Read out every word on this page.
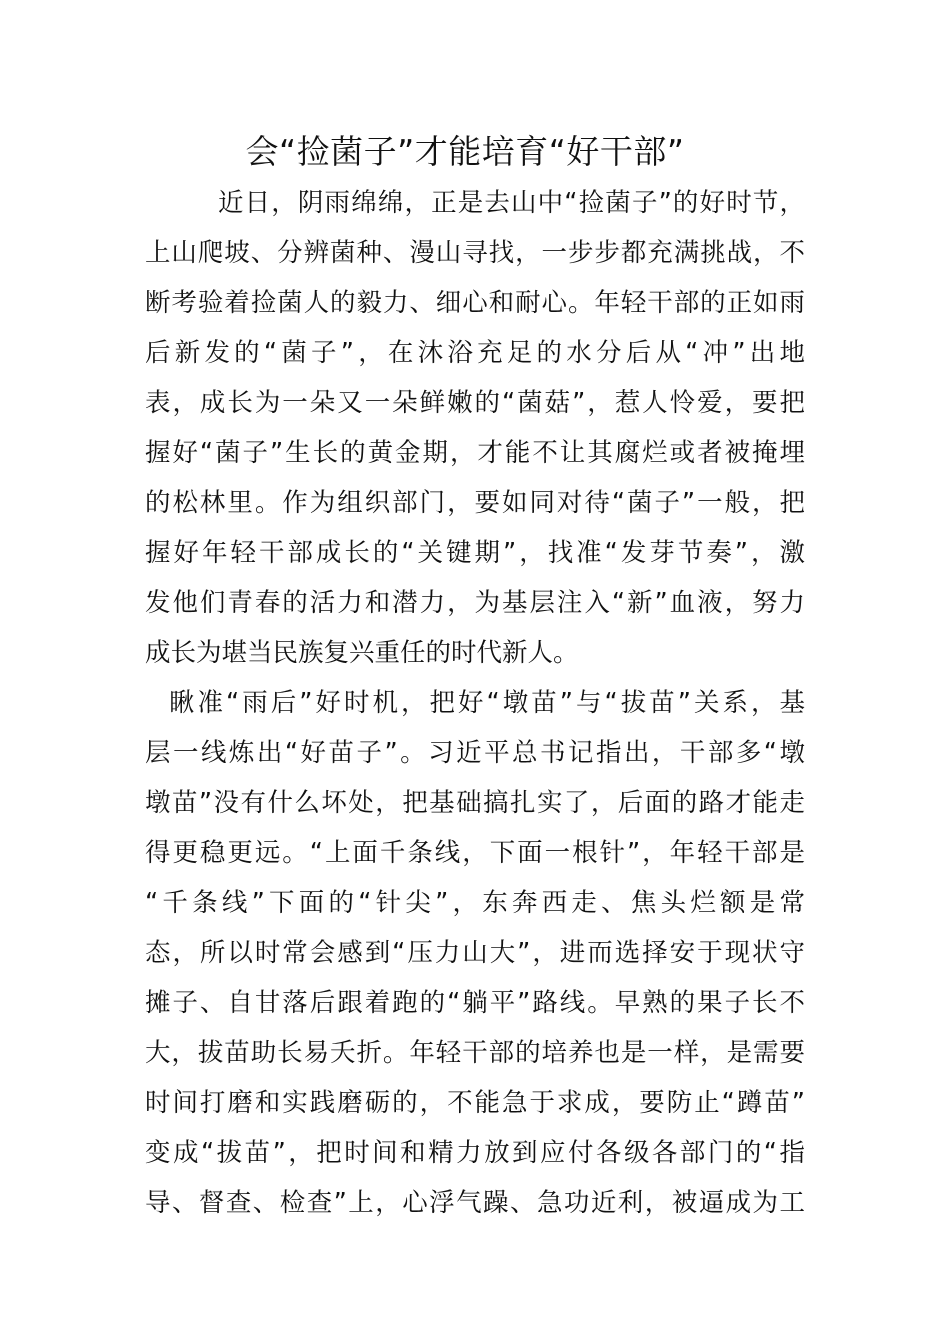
会“捡菌子”才能培育“好干部”
近日，阴雨绵绵，正是去山中“捡菌子”的好时节，
上山爬坡、分辨菌种、漫山寻找，一步步都充满挑战，不
断考验着捡菌人的毅力、细心和耐心。年轻干部的正如雨
后新发的“菌子”，在沐浴充足的水分后从“冲”出地
表，成长为一朵又一朵鲜嫩的“菌菇”，惹人怜爱，要把
握好“菌子”生长的黄金期，才能不让其腐烂或者被掩埋
的松林里。作为组织部门，要如同对待“菌子”一般，把
握好年轻干部成长的“关键期”，找准“发芽节奏”，激
发他们青春的活力和潜力，为基层注入“新”血液，努力
成长为堪当民族复兴重任的时代新人。
瞅准“雨后”好时机，把好“墩苗”与“拔苗”关系，基
层一线炼出“好苗子”。习近平总书记指出，干部多“墩
墩苗”没有什么坏处，把基础搞扎实了，后面的路才能走
得更稳更远。“上面千条线，下面一根针”，年轻干部是
“千条线”下面的“针尖”，东奔西走、焦头烂额是常
态，所以时常会感到“压力山大”，进而选择安于现状守
摊子、自甘落后跟着跑的“躺平”路线。早熟的果子长不
大，拔苗助长易夭折。年轻干部的培养也是一样，是需要
时间打磨和实践磨砺的，不能急于求成，要防止“蹲苗”
变成“拔苗”，把时间和精力放到应付各级各部门的“指
导、督查、检查”上，心浮气躁、急功近利，被逼成为工
